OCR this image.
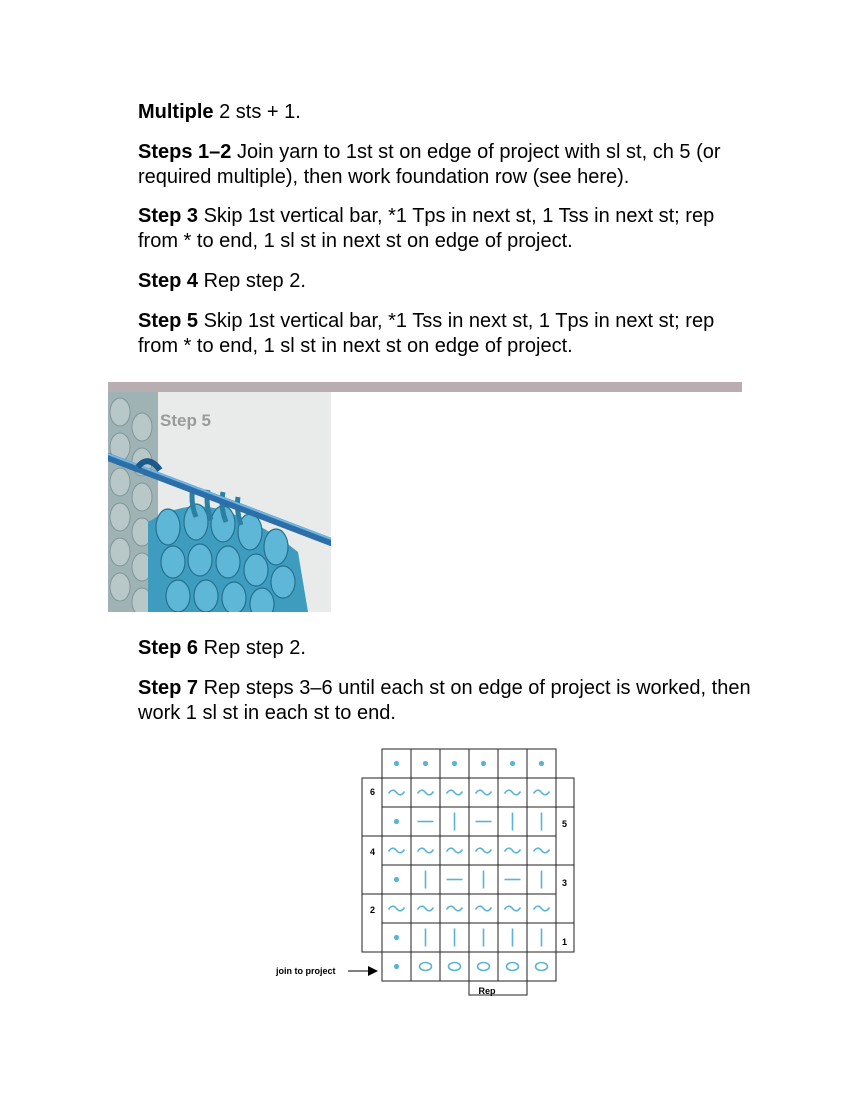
Multiple 2 sts + 1.

Steps 1–2 Join yarn to 1st st on edge of project with sl st, ch 5 (or required multiple), then work foundation row (see here).

Step 3 Skip 1st vertical bar, *1 Tps in next st, 1 Tss in next st; rep from * to end, 1 sl st in next st on edge of project.

Step 4 Rep step 2.

Step 5 Skip 1st vertical bar, *1 Tss in next st, 1 Tps in next st; rep from * to end, 1 sl st in next st on edge of project.

Step 5

Step 6 Rep step 2.

Step 7 Rep steps 3–6 until each st on edge of project is worked, then work 1 sl st in each st to end.

6
4
2
5
3
1
join to project
Rep
